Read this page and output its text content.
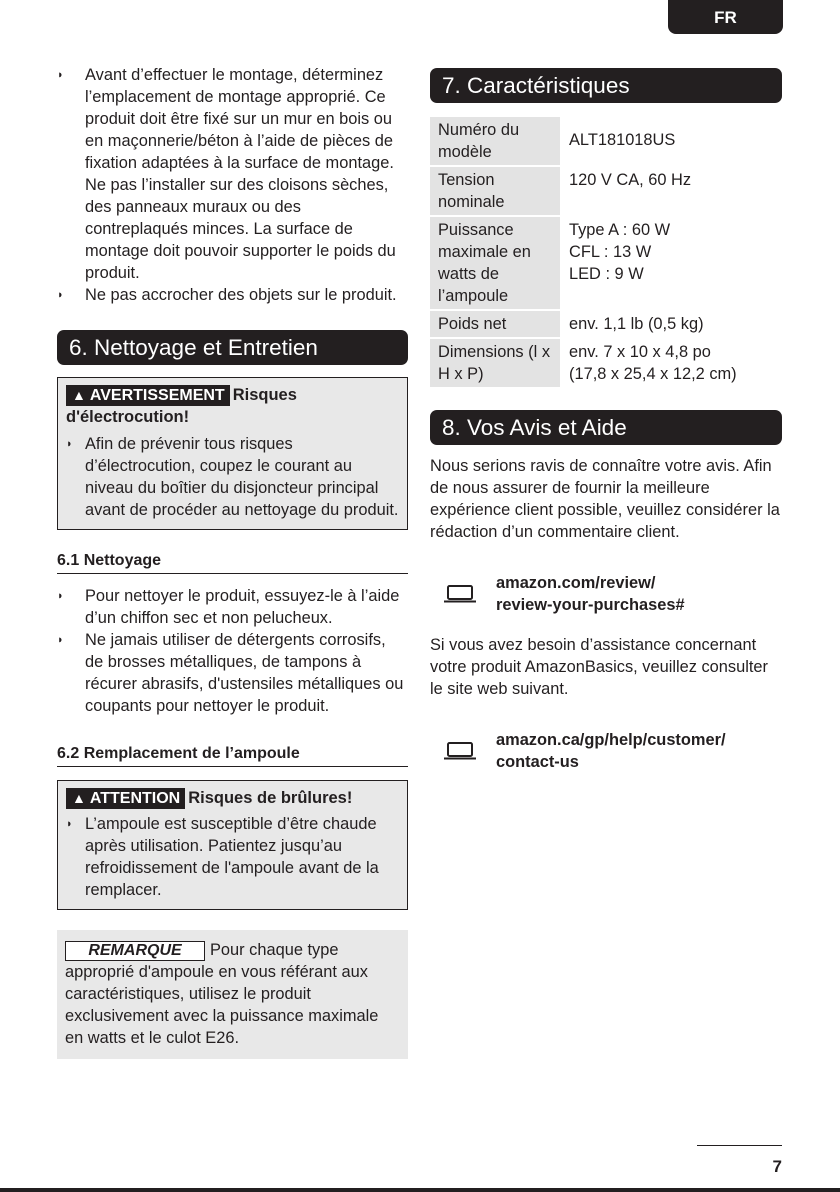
FR
◗ Avant d’effectuer le montage, déterminez l’emplacement de montage approprié. Ce produit doit être fixé sur un mur en bois ou en maçonnerie/béton à l’aide de pièces de fixation adaptées à la surface de montage. Ne pas l’installer sur des cloisons sèches, des panneaux muraux ou des contreplaqués minces. La surface de montage doit pouvoir supporter le poids du produit.
◗ Ne pas accrocher des objets sur le produit.
6. Nettoyage et Entretien
▲ AVERTISSEMENT Risques d'électrocution!
◗ Afin de prévenir tous risques d’électrocution, coupez le courant au niveau du boîtier du disjoncteur principal avant de procéder au nettoyage du produit.
6.1 Nettoyage
◗ Pour nettoyer le produit, essuyez-le à l’aide d’un chiffon sec et non pelucheux.
◗ Ne jamais utiliser de détergents corrosifs, de brosses métalliques, de tampons à récurer abrasifs, d'ustensiles métalliques ou coupants pour nettoyer le produit.
6.2 Remplacement de l’ampoule
▲ ATTENTION Risques de brûlures!
◗ L’ampoule est susceptible d’être chaude après utilisation. Patientez jusqu’au refroidissement de l'ampoule avant de la remplacer.
REMARQUE Pour chaque type approprié d'ampoule en vous référant aux caractéristiques, utilisez le produit exclusivement avec la puissance maximale en watts et le culot E26.
7. Caractéristiques
Numéro du modèle	ALT181018US
Tension nominale	120 V CA, 60 Hz
Puissance maximale en watts de l’ampoule	Type A : 60 W
CFL : 13 W
LED : 9 W
Poids net	env. 1,1 lb (0,5 kg)
Dimensions (l x H x P)	env. 7 x 10 x 4,8 po
(17,8 x 25,4 x 12,2 cm)
8. Vos Avis et Aide

Nous serions ravis de connaître votre avis. Afin de nous assurer de fournir la meilleure expérience client possible, veuillez considérer la rédaction d’un commentaire client.

amazon.com/review/
review-your-purchases#

Si vous avez besoin d’assistance concernant votre produit AmazonBasics, veuillez consulter le site web suivant.

amazon.ca/gp/help/customer/
contact-us
7
